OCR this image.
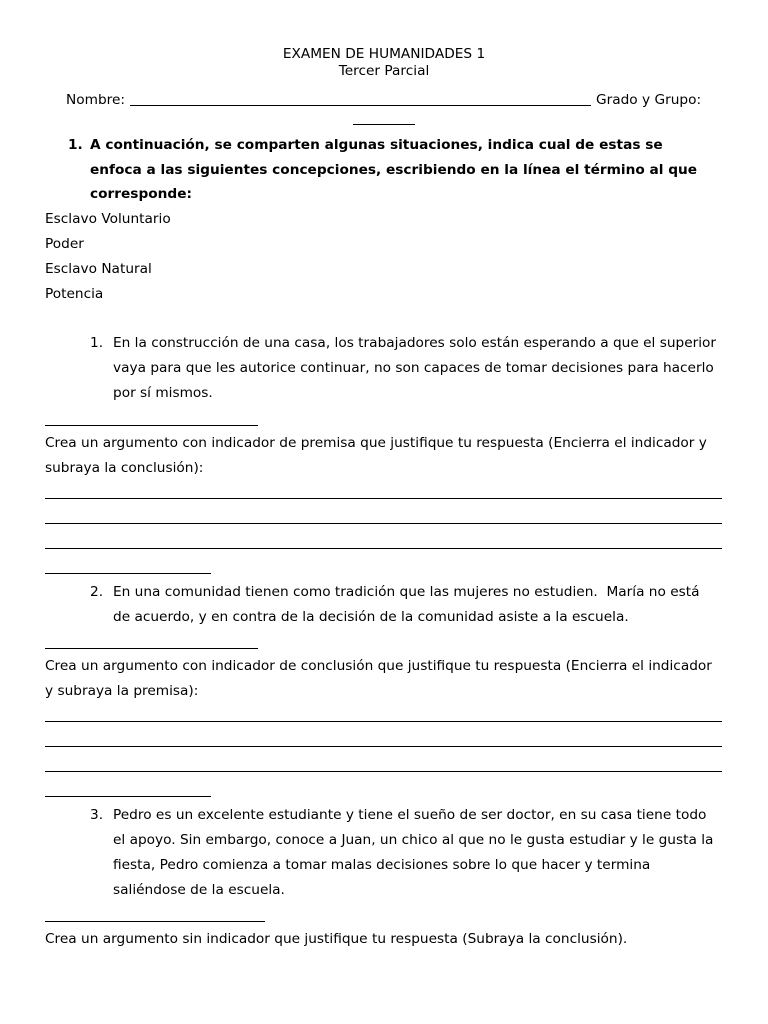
EXAMEN DE HUMANIDADES 1
Tercer Parcial
Nombre:	Grado y Grupo:
1. A continuación, se comparten algunas situaciones, indica cual de estas se
enfoca a las siguientes concepciones, escribiendo en la línea el término al que
corresponde:
Esclavo Voluntario
Poder
Esclavo Natural
Potencia
1. En la construcción de una casa, los trabajadores solo están esperando a que el superior
vaya para que les autorice continuar, no son capaces de tomar decisiones para hacerlo
por sí mismos.
Crea un argumento con indicador de premisa que justifique tu respuesta (Encierra el indicador y
subraya la conclusión):
2. En una comunidad tienen como tradición que las mujeres no estudien.  María no está
de acuerdo, y en contra de la decisión de la comunidad asiste a la escuela.
Crea un argumento con indicador de conclusión que justifique tu respuesta (Encierra el indicador
y subraya la premisa):
3. Pedro es un excelente estudiante y tiene el sueño de ser doctor, en su casa tiene todo
el apoyo. Sin embargo, conoce a Juan, un chico al que no le gusta estudiar y le gusta la
fiesta, Pedro comienza a tomar malas decisiones sobre lo que hacer y termina
saliéndose de la escuela.
Crea un argumento sin indicador que justifique tu respuesta (Subraya la conclusión).
